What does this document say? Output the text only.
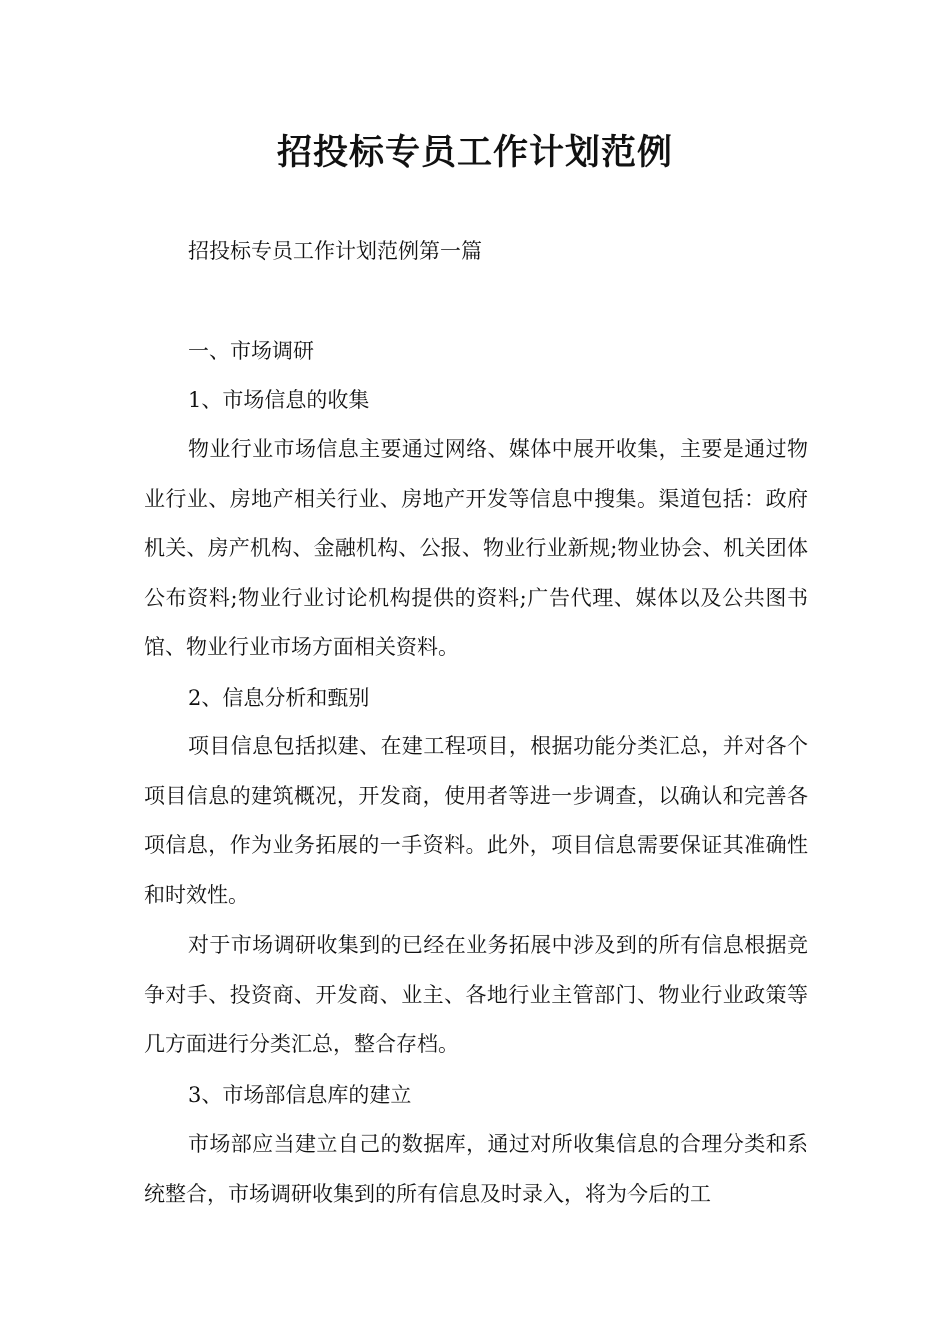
招投标专员工作计划范例

招投标专员工作计划范例第一篇

一、市场调研

1、市场信息的收集

物业行业市场信息主要通过网络、媒体中展开收集，主要是通过物业行业、房地产相关行业、房地产开发等信息中搜集。渠道包括：政府机关、房产机构、金融机构、公报、物业行业新规;物业协会、机关团体公布资料;物业行业讨论机构提供的资料;广告代理、媒体以及公共图书馆、物业行业市场方面相关资料。

2、信息分析和甄别

项目信息包括拟建、在建工程项目，根据功能分类汇总，并对各个项目信息的建筑概况，开发商，使用者等进一步调查，以确认和完善各项信息，作为业务拓展的一手资料。此外，项目信息需要保证其准确性和时效性。

对于市场调研收集到的已经在业务拓展中涉及到的所有信息根据竞争对手、投资商、开发商、业主、各地行业主管部门、物业行业政策等几方面进行分类汇总，整合存档。

3、市场部信息库的建立

市场部应当建立自己的数据库，通过对所收集信息的合理分类和系统整合，市场调研收集到的所有信息及时录入，将为今后的工
